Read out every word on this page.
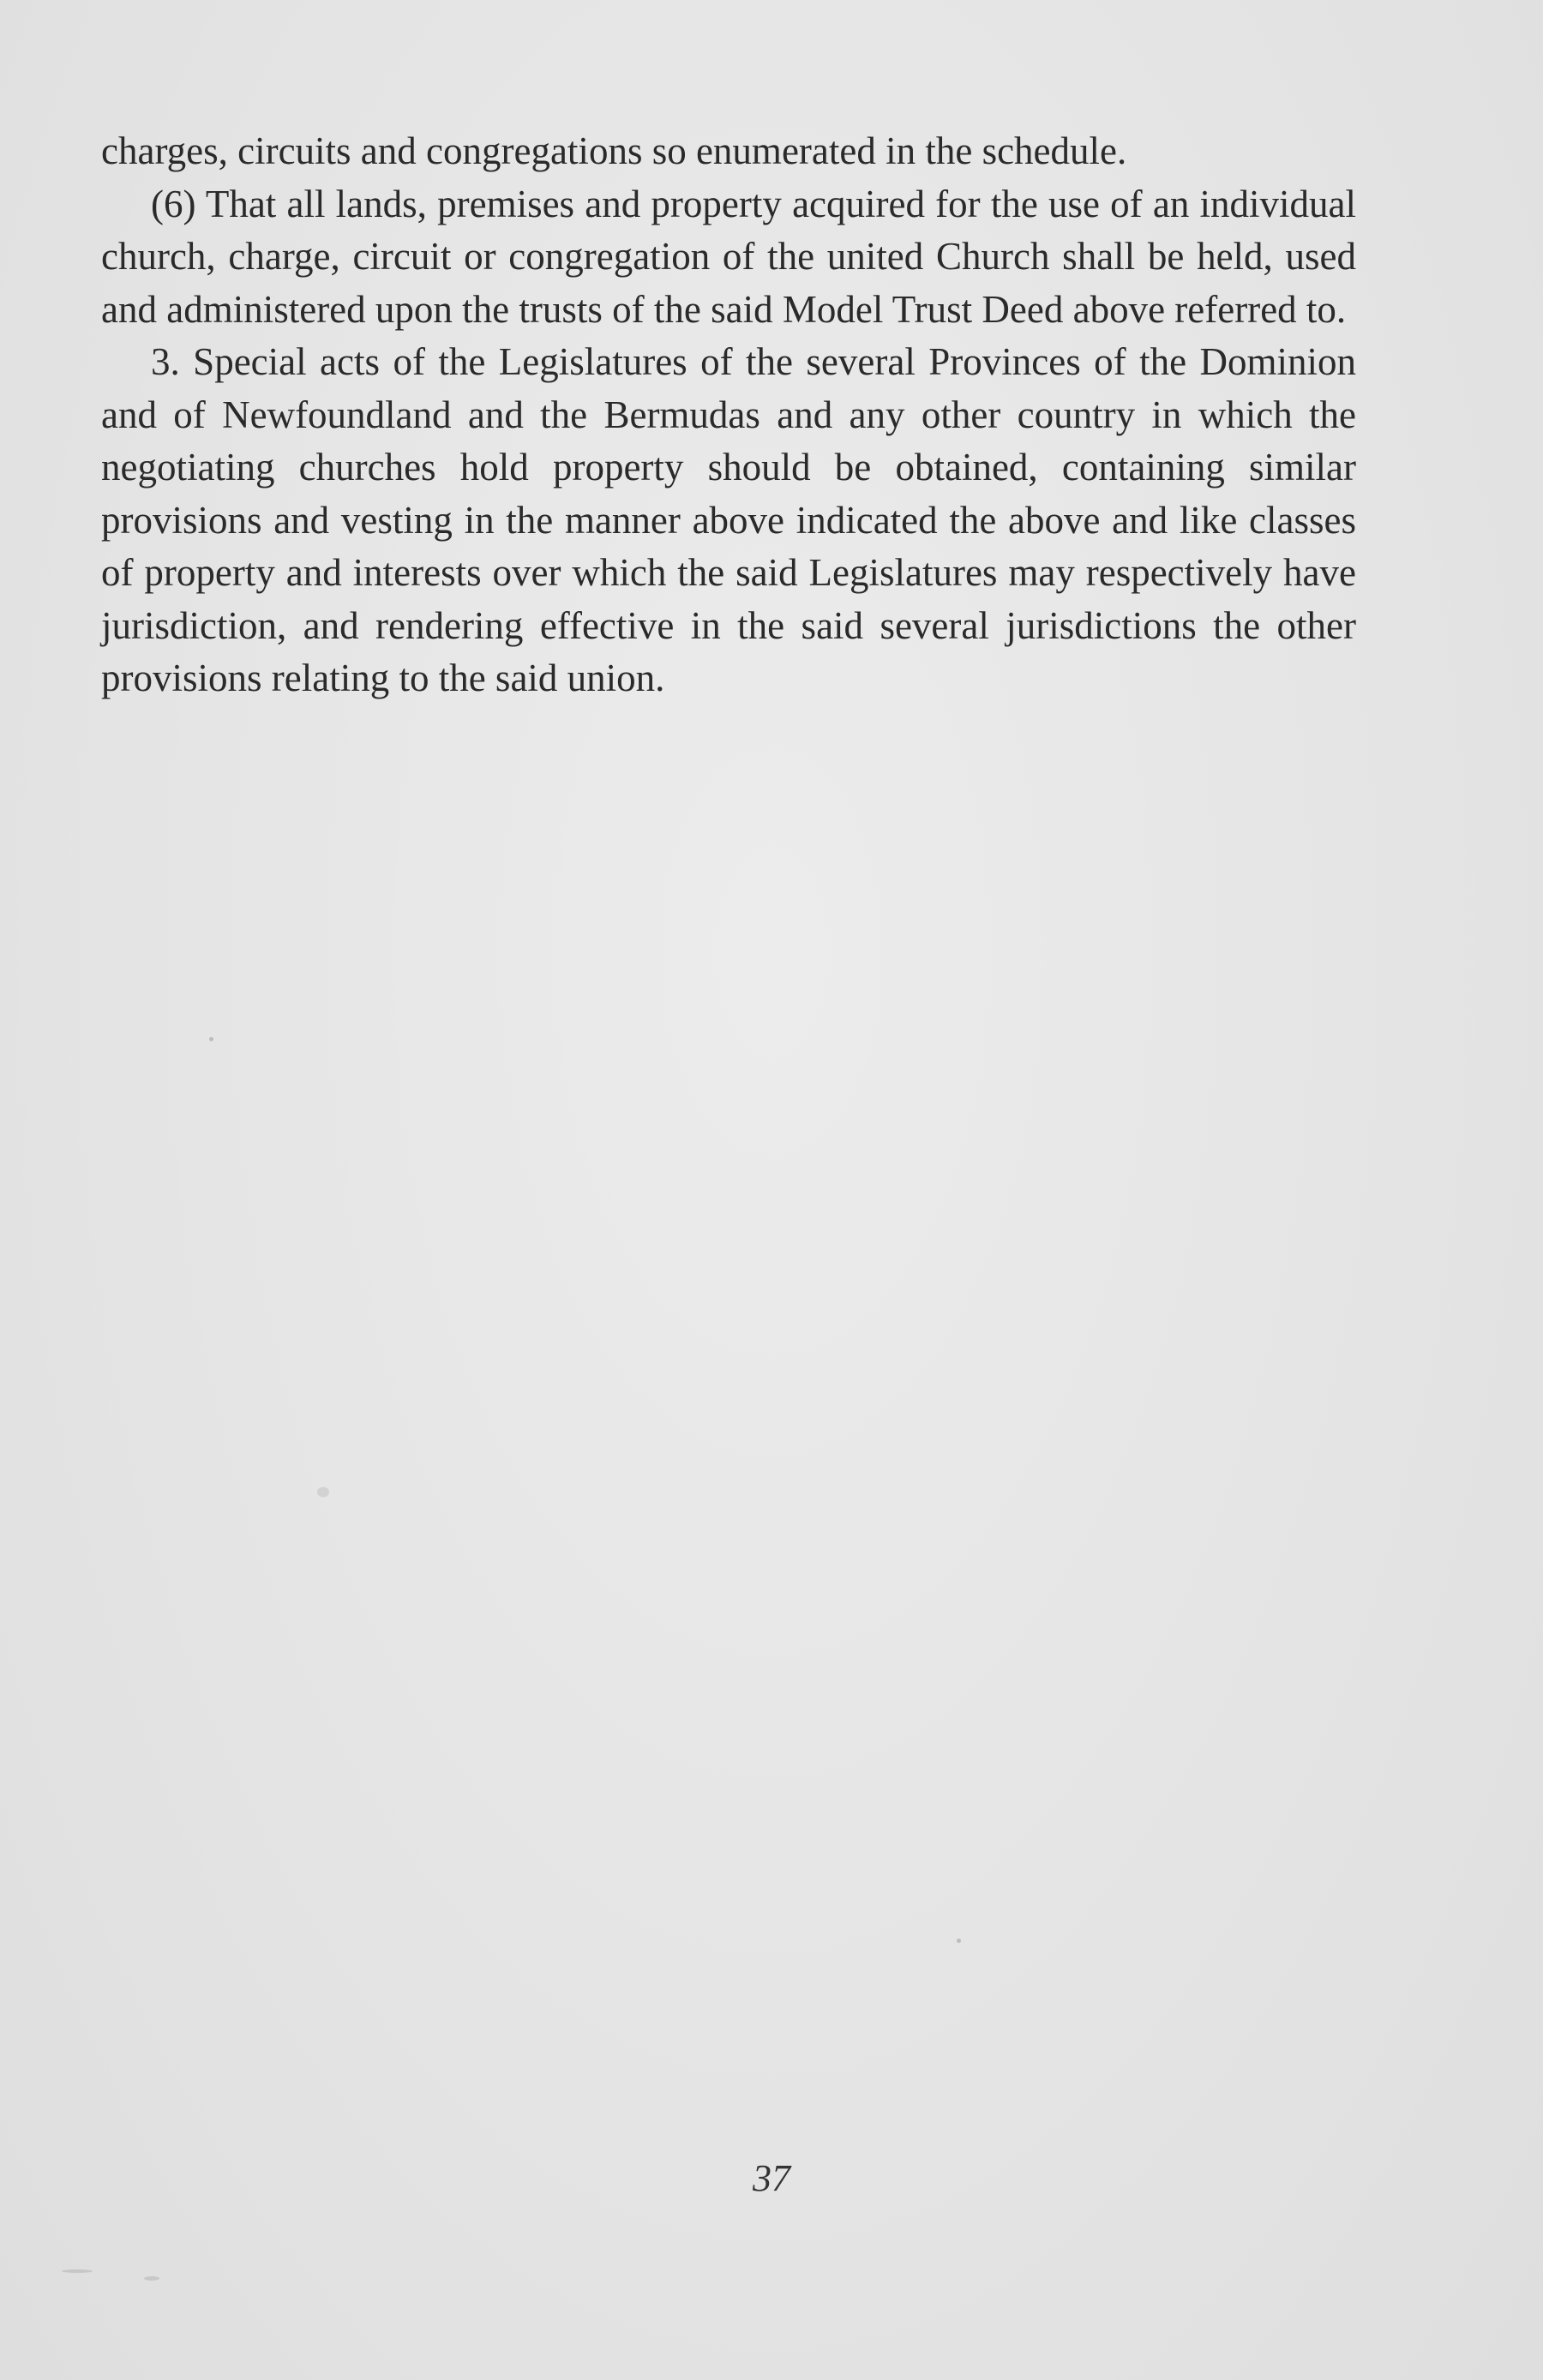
charges, circuits and congregations so enumerated in the schedule.

(6) That all lands, premises and property acquired for the use of an individual church, charge, circuit or congregation of the united Church shall be held, used and administered upon the trusts of the said Model Trust Deed above referred to.

3. Special acts of the Legislatures of the several Provinces of the Dominion and of Newfoundland and the Bermudas and any other country in which the negotiating churches hold property should be obtained, containing similar provisions and vesting in the manner above indicated the above and like classes of property and interests over which the said Legislatures may respectively have jurisdiction, and rendering effective in the said several jurisdictions the other provisions relating to the said union.

37
